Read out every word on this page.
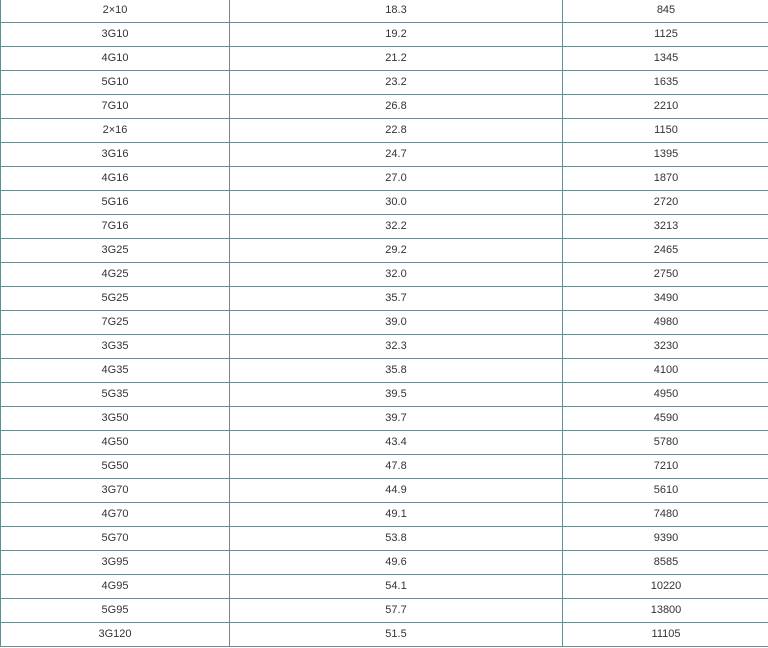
2×10	18.3	845
3G10	19.2	1125
4G10	21.2	1345
5G10	23.2	1635
7G10	26.8	2210
2×16	22.8	1150
3G16	24.7	1395
4G16	27.0	1870
5G16	30.0	2720
7G16	32.2	3213
3G25	29.2	2465
4G25	32.0	2750
5G25	35.7	3490
7G25	39.0	4980
3G35	32.3	3230
4G35	35.8	4100
5G35	39.5	4950
3G50	39.7	4590
4G50	43.4	5780
5G50	47.8	7210
3G70	44.9	5610
4G70	49.1	7480
5G70	53.8	9390
3G95	49.6	8585
4G95	54.1	10220
5G95	57.7	13800
3G120	51.5	11105
